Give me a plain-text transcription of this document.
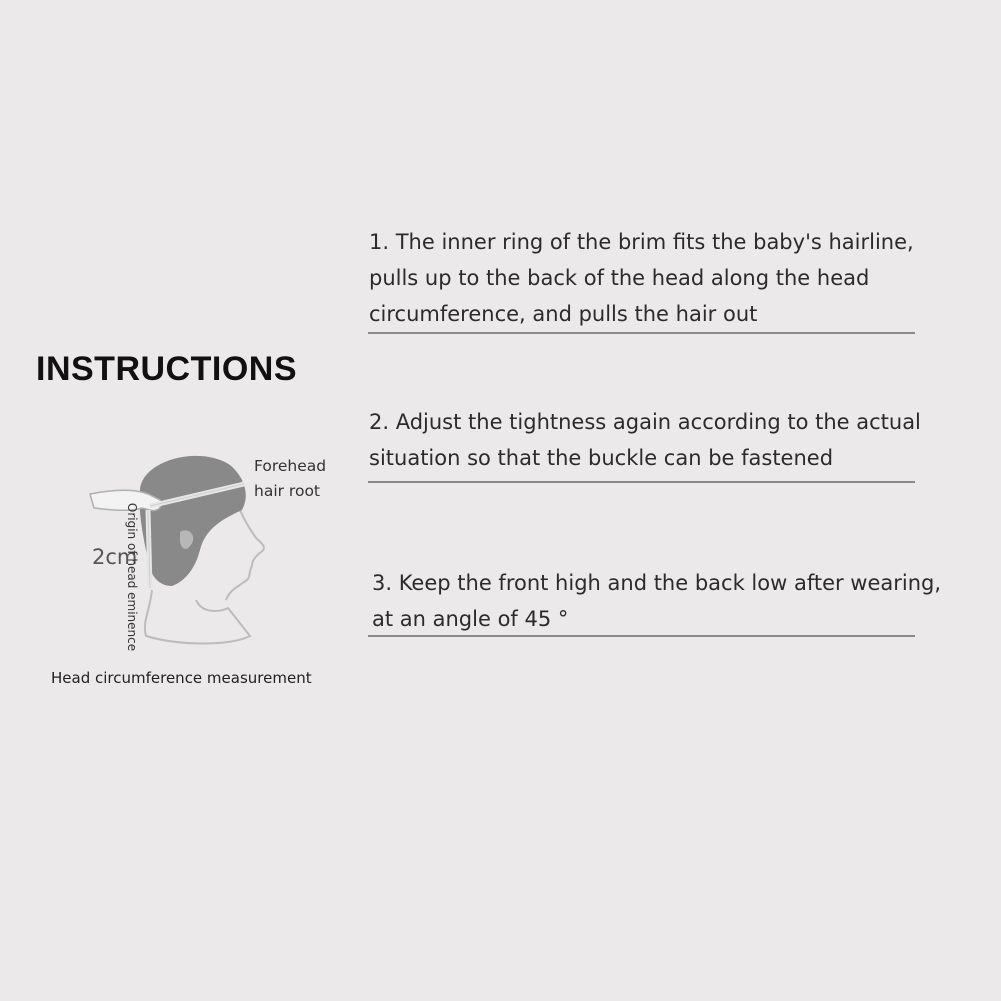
INSTRUCTIONS
1. The inner ring of the brim fits the baby's hairline,
pulls up to the back of the head along the head
circumference, and pulls the hair out
2. Adjust the tightness again according to the actual
situation so that the buckle can be fastened
3. Keep the front high and the back low after wearing,
at an angle of 45 °
2cm
Forehead
hair root
Origin of head eminence
Head circumference measurement
